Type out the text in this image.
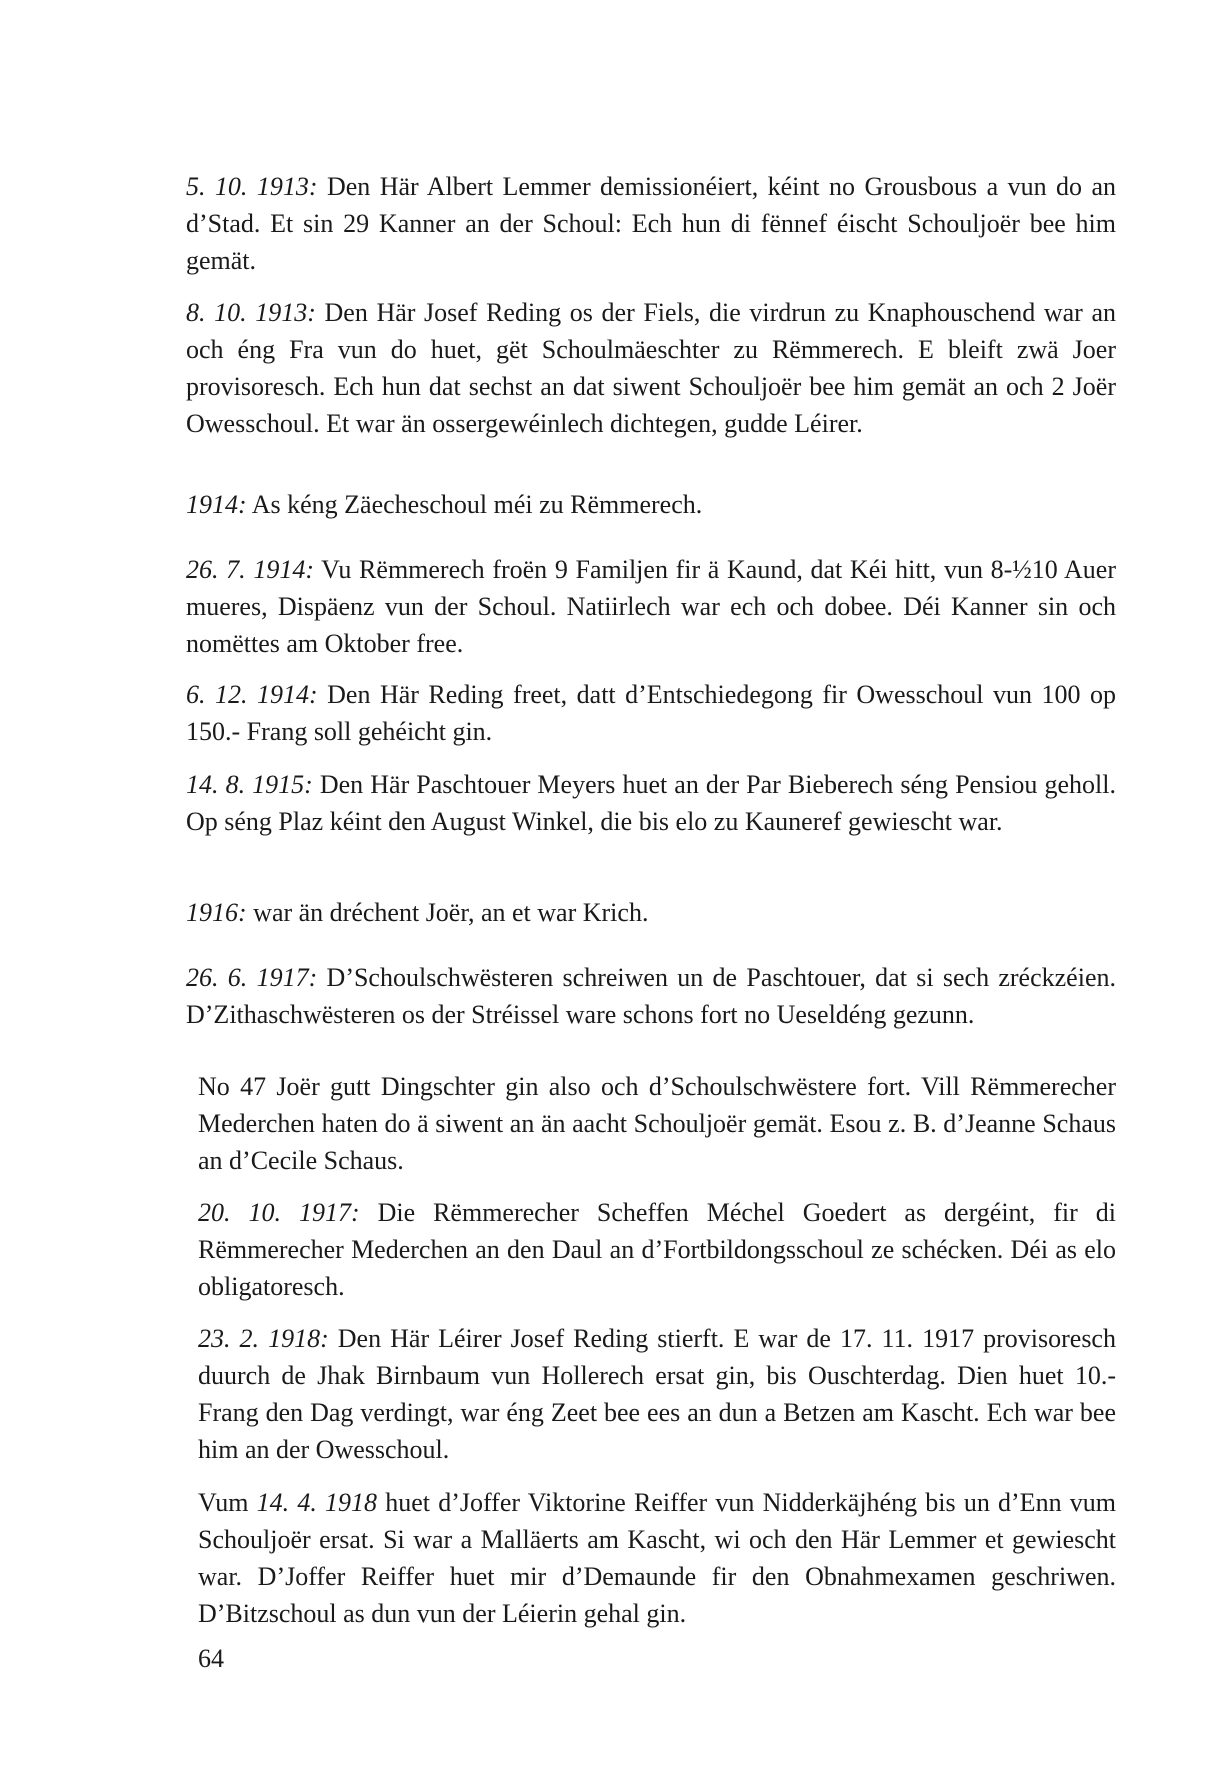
5. 10. 1913: Den Här Albert Lemmer demissionéiert, kéint no Grousbous a vun do an d’Stad. Et sin 29 Kanner an der Schoul: Ech hun di fënnef éischt Schouljoër bee him gemät.

8. 10. 1913: Den Här Josef Reding os der Fiels, die virdrun zu Knaphouschend war an och éng Fra vun do huet, gët Schoulmäeschter zu Rëmmerech. E bleift zwä Joer provisoresch. Ech hun dat sechst an dat siwent Schouljoër bee him gemät an och 2 Joër Owesschoul. Et war än ossergewéinlech dichtegen, gudde Léirer.

1914: As kéng Zäecheschoul méi zu Rëmmerech.

26. 7. 1914: Vu Rëmmerech froën 9 Familjen fir ä Kaund, dat Kéi hitt, vun 8-½10 Auer mueres, Dispäenz vun der Schoul. Natiirlech war ech och dobee. Déi Kanner sin och nomëttes am Oktober free.

6. 12. 1914: Den Här Reding freet, datt d’Entschiedegong fir Owesschoul vun 100 op 150.- Frang soll gehéicht gin.

14. 8. 1915: Den Här Paschtouer Meyers huet an der Par Bieberech séng Pensiou geholl. Op séng Plaz kéint den August Winkel, die bis elo zu Kauneref gewiescht war.

1916: war än dréchent Joër, an et war Krich.

26. 6. 1917: D’Schoulschwësteren schreiwen un de Paschtouer, dat si sech zréckzéien. D’Zithaschwësteren os der Stréissel ware schons fort no Ueseldéng gezunn.

No 47 Joër gutt Dingschter gin also och d’Schoulschwëstere fort. Vill Rëmmerecher Mederchen haten do ä siwent an än aacht Schouljoër gemät. Esou z. B. d’Jeanne Schaus an d’Cecile Schaus.

20. 10. 1917: Die Rëmmerecher Scheffen Méchel Goedert as dergéint, fir di Rëmmerecher Mederchen an den Daul an d’Fortbildongsschoul ze schécken. Déi as elo obligatoresch.

23. 2. 1918: Den Här Léirer Josef Reding stierft. E war de 17. 11. 1917 provisoresch duurch de Jhak Birnbaum vun Hollerech ersat gin, bis Ouschterdag. Dien huet 10.- Frang den Dag verdingt, war éng Zeet bee ees an dun a Betzen am Kascht. Ech war bee him an der Owesschoul.

Vum 14. 4. 1918 huet d’Joffer Viktorine Reiffer vun Nidderkäjhéng bis un d’Enn vum Schouljoër ersat. Si war a Malläerts am Kascht, wi och den Här Lemmer et gewiescht war. D’Joffer Reiffer huet mir d’Demaunde fir den Obnahmexamen geschriwen. D’Bitzschoul as dun vun der Léierin gehal gin.

64
